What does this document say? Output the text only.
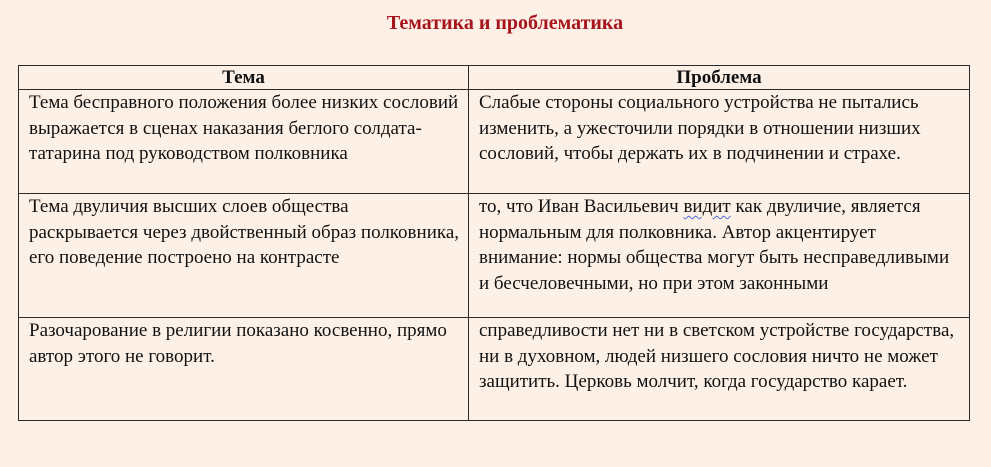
Тематика и проблематика
Тема	Проблема
Тема бесправного положения более низких сословий выражается в сценах наказания беглого солдата-татарина под руководством полковника	Слабые стороны социального устройства не пытались изменить, а ужесточили порядки в отношении низших сословий, чтобы держать их в подчинении и страхе.
Тема двуличия высших слоев общества раскрывается через двойственный образ полковника, его поведение построено на контрасте	то, что Иван Васильевич видит как двуличие, является нормальным для полковника. Автор акцентирует внимание: нормы общества могут быть несправедливыми и бесчеловечными, но при этом законными
Разочарование в религии показано косвенно, прямо автор этого не говорит.	справедливости нет ни в светском устройстве государства, ни в духовном, людей низшего сословия ничто не может защитить. Церковь молчит, когда государство карает.
